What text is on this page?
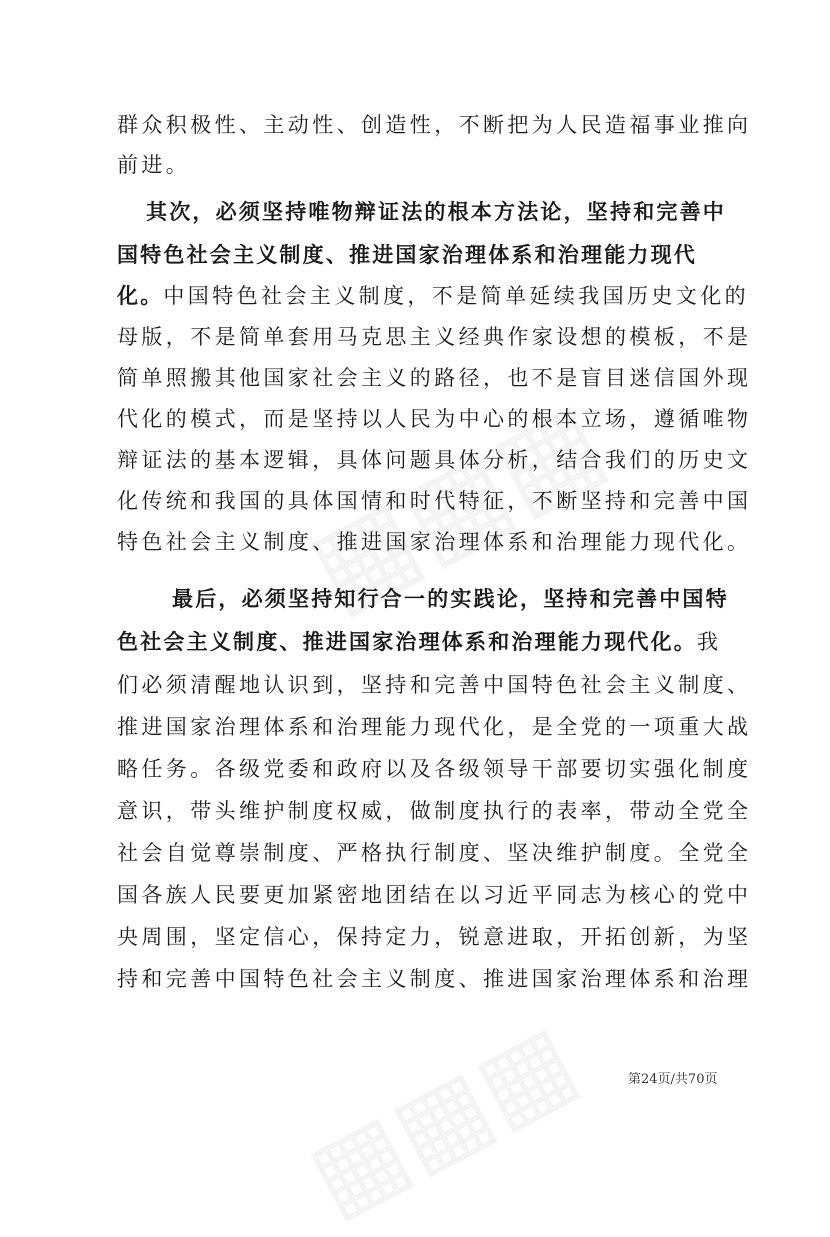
群众积极性、主动性、创造性，不断把为人民造福事业推向
前进。
其次，必须坚持唯物辩证法的根本方法论，坚持和完善中
国特色社会主义制度、推进国家治理体系和治理能力现代
化。中国特色社会主义制度，不是简单延续我国历史文化的
母版，不是简单套用马克思主义经典作家设想的模板，不是
简单照搬其他国家社会主义的路径，也不是盲目迷信国外现
代化的模式，而是坚持以人民为中心的根本立场，遵循唯物
辩证法的基本逻辑，具体问题具体分析，结合我们的历史文
化传统和我国的具体国情和时代特征，不断坚持和完善中国
特色社会主义制度、推进国家治理体系和治理能力现代化。
最后，必须坚持知行合一的实践论，坚持和完善中国特
色社会主义制度、推进国家治理体系和治理能力现代化。我
们必须清醒地认识到，坚持和完善中国特色社会主义制度、
推进国家治理体系和治理能力现代化，是全党的一项重大战
略任务。各级党委和政府以及各级领导干部要切实强化制度
意识，带头维护制度权威，做制度执行的表率，带动全党全
社会自觉尊崇制度、严格执行制度、坚决维护制度。全党全
国各族人民要更加紧密地团结在以习近平同志为核心的党中
央周围，坚定信心，保持定力，锐意进取，开拓创新，为坚
持和完善中国特色社会主义制度、推进国家治理体系和治理
第24页/共70页
